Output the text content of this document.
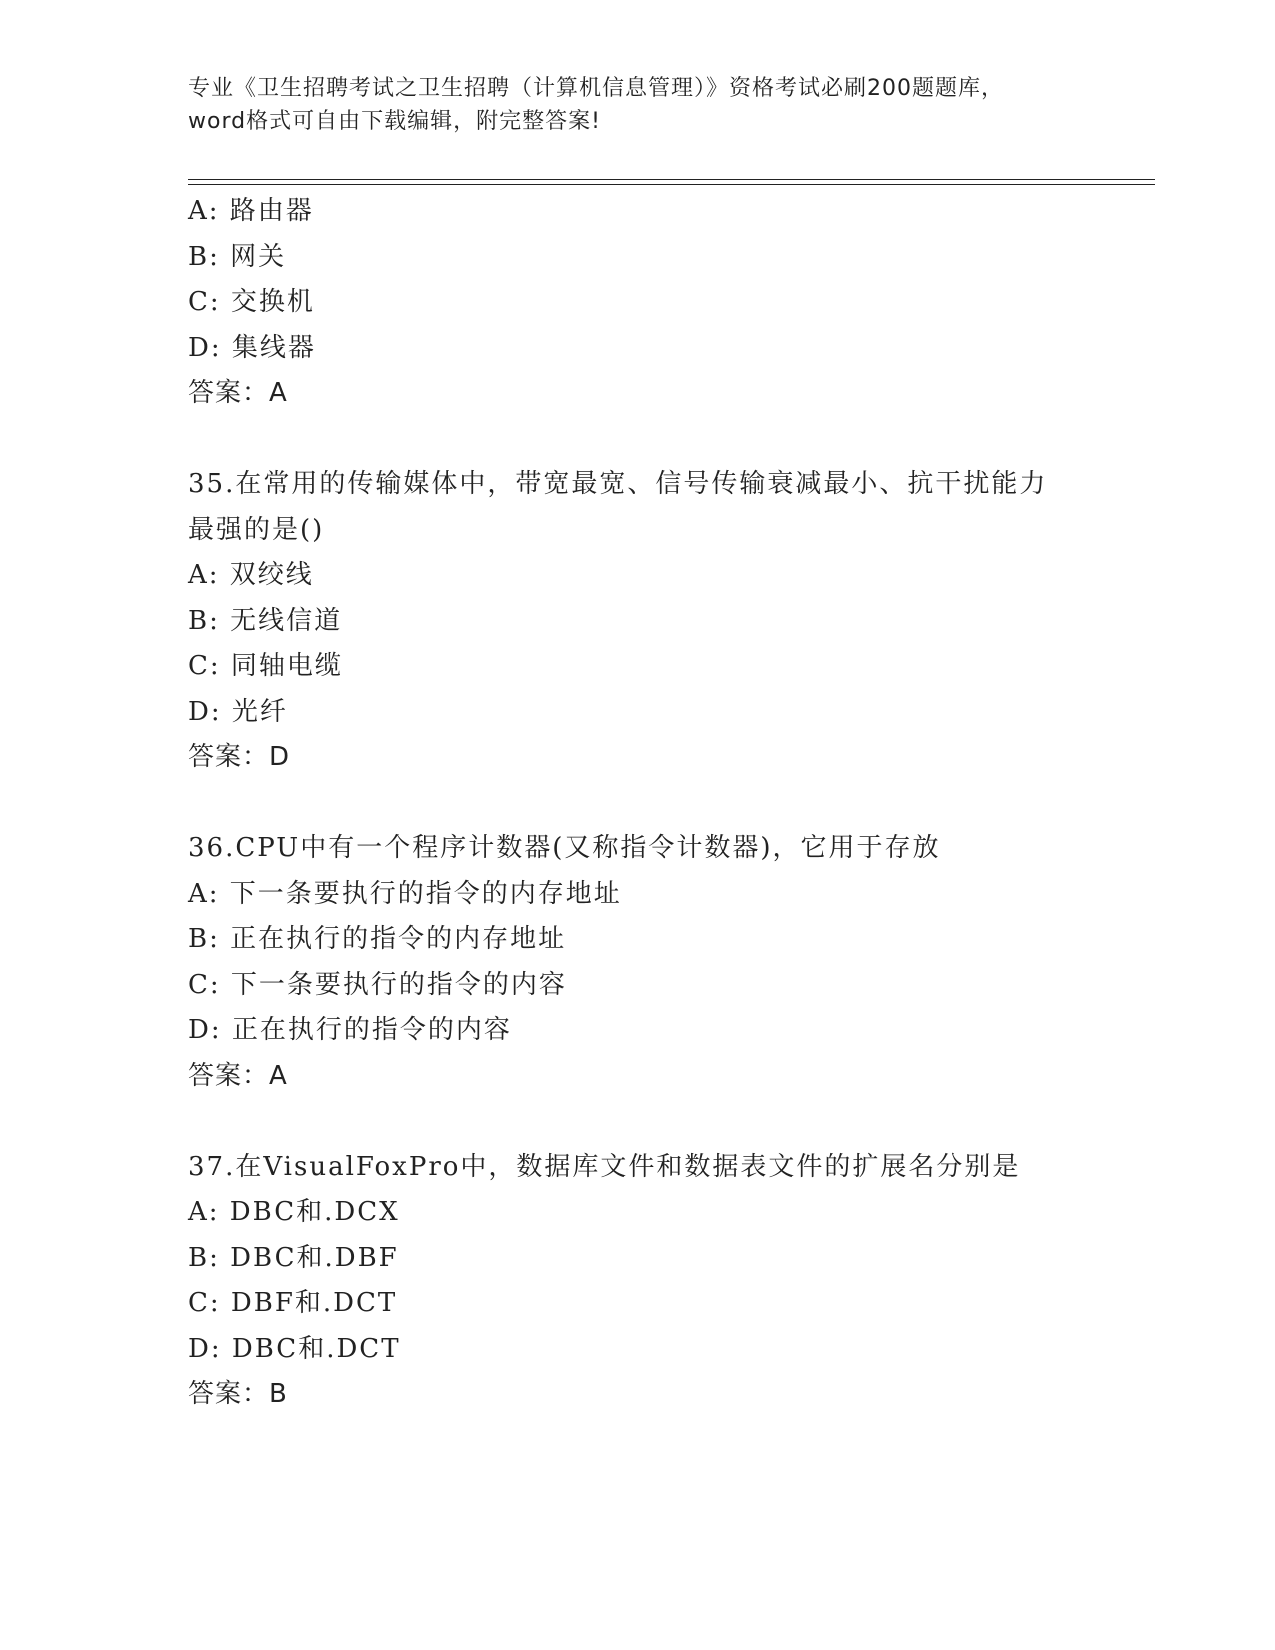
专业《卫生招聘考试之卫生招聘（计算机信息管理）》资格考试必刷200题题库，
word格式可自由下载编辑，附完整答案!
A: 路由器
B: 网关
C: 交换机
D: 集线器
答案：A
35.在常用的传输媒体中，带宽最宽、信号传输衰减最小、抗干扰能力
最强的是()
A: 双绞线
B: 无线信道
C: 同轴电缆
D: 光纤
答案：D
36.CPU中有一个程序计数器(又称指令计数器)，它用于存放
A: 下一条要执行的指令的内存地址
B: 正在执行的指令的内存地址
C: 下一条要执行的指令的内容
D: 正在执行的指令的内容
答案：A
37.在VisualFoxPro中，数据库文件和数据表文件的扩展名分别是
A: DBC和.DCX
B: DBC和.DBF
C: DBF和.DCT
D: DBC和.DCT
答案：B
